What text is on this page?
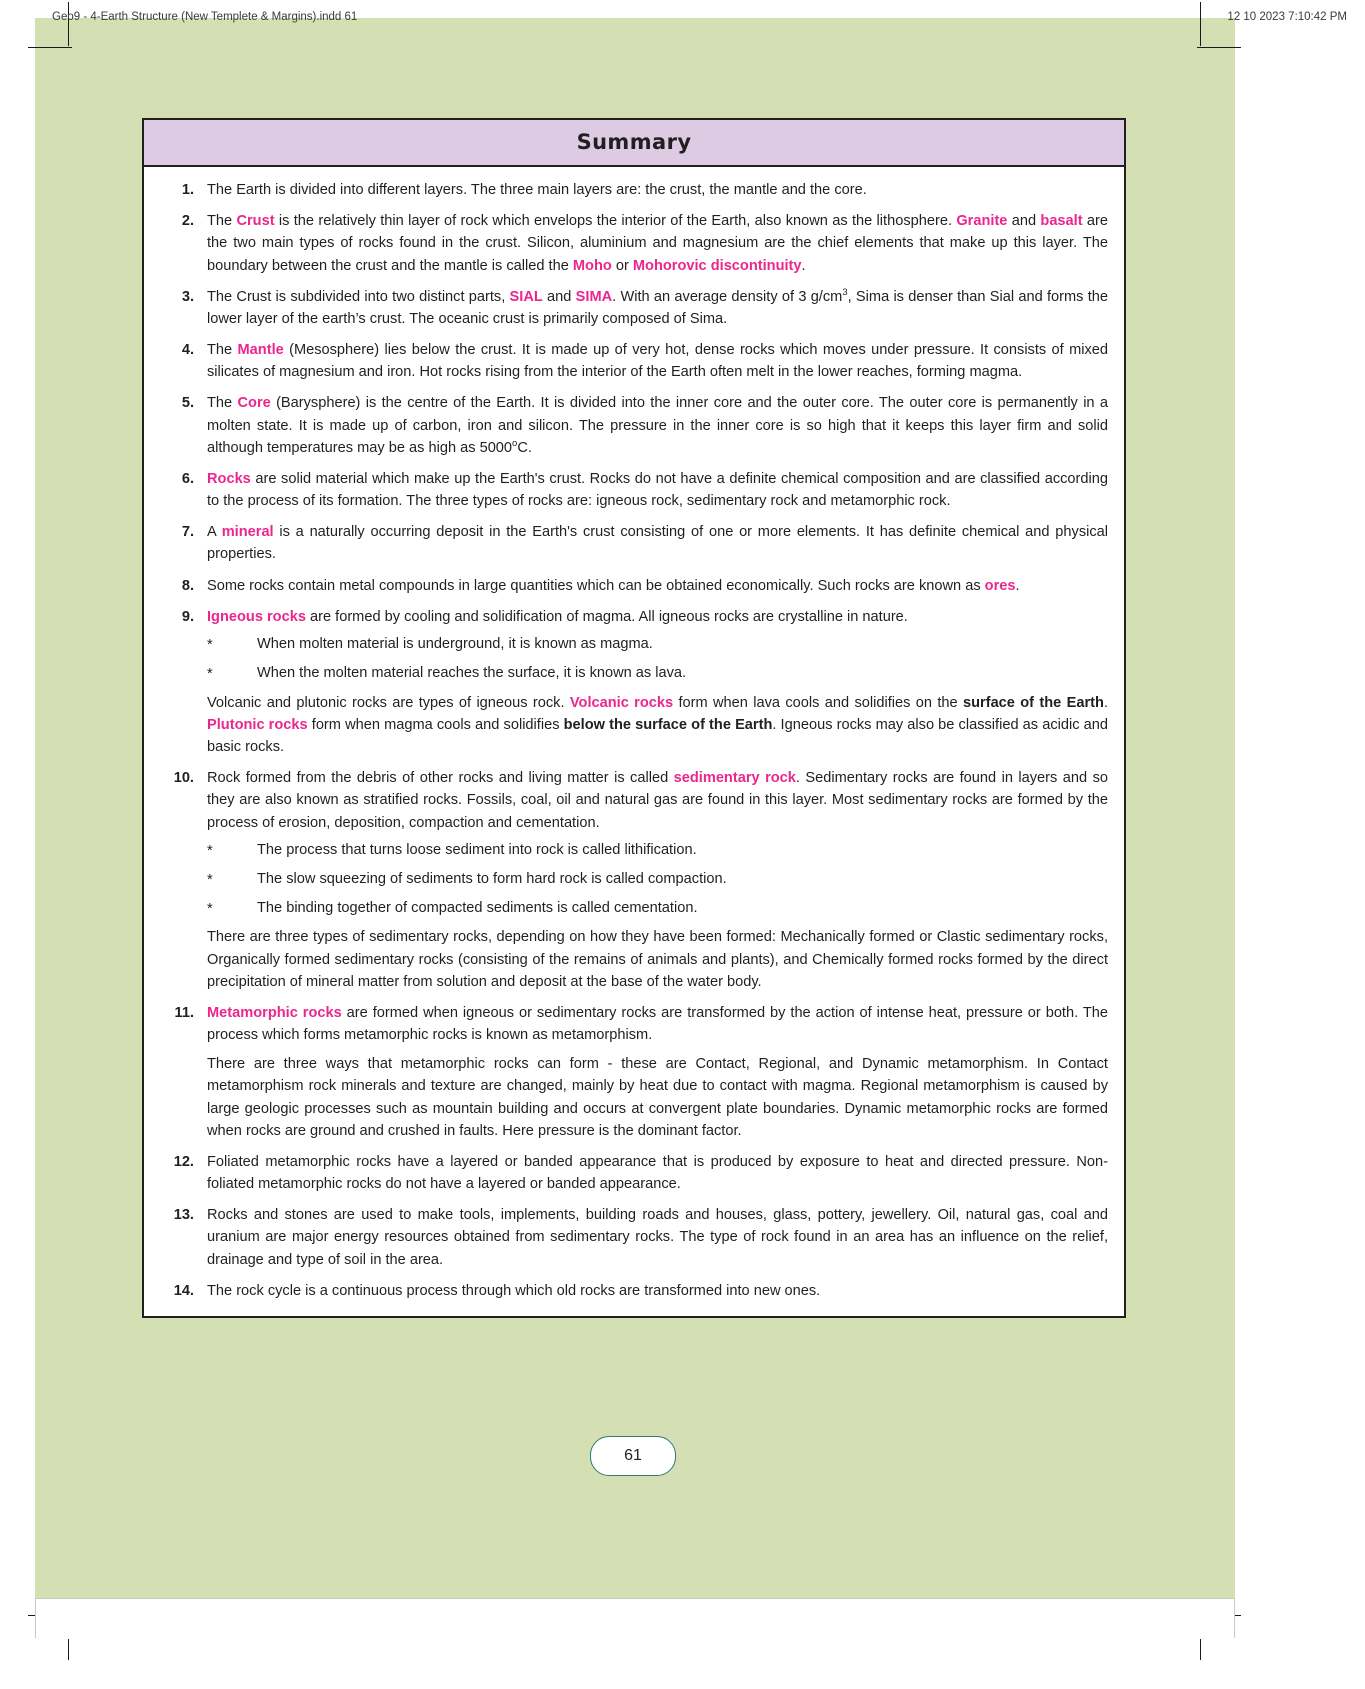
Summary
1. The Earth is divided into different layers. The three main layers are: the crust, the mantle and the core.
2. The Crust is the relatively thin layer of rock which envelops the interior of the Earth, also known as the lithosphere. Granite and basalt are the two main types of rocks found in the crust. Silicon, aluminium and magnesium are the chief elements that make up this layer. The boundary between the crust and the mantle is called the Moho or Mohorovic discontinuity.
3. The Crust is subdivided into two distinct parts, SIAL and SIMA. With an average density of 3 $g/cm^3$, Sima is denser than Sial and forms the lower layer of the earth’s crust. The oceanic crust is primarily composed of Sima.
4. The Mantle (Mesosphere) lies below the crust. It is made up of very hot, dense rocks which moves under pressure. It consists of mixed silicates of magnesium and iron. Hot rocks rising from the interior of the Earth often melt in the lower reaches, forming magma.
5. The Core (Barysphere) is the centre of the Earth. It is divided into the inner core and the outer core. The outer core is permanently in a molten state. It is made up of carbon, iron and silicon. The pressure in the inner core is so high that it keeps this layer firm and solid although temperatures may be as high as 5000$^o$C.
6. Rocks are solid material which make up the Earth's crust. Rocks do not have a definite chemical composition and are classified according to the process of its formation. The three types of rocks are: igneous rock, sedimentary rock and metamorphic rock.
7. A mineral is a naturally occurring deposit in the Earth's crust consisting of one or more elements. It has definite chemical and physical properties.
8. Some rocks contain metal compounds in large quantities which can be obtained economically. Such rocks are known as ores.
9. Igneous rocks are formed by cooling and solidification of magma. All igneous rocks are crystalline in nature.
*	When molten material is underground, it is known as magma.
*	When the molten material reaches the surface, it is known as lava.
Volcanic and plutonic rocks are types of igneous rock. Volcanic rocks form when lava cools and solidifies on the surface of the Earth. Plutonic rocks form when magma cools and solidifies below the surface of the Earth. Igneous rocks may also be classified as acidic and basic rocks.
10. Rock formed from the debris of other rocks and living matter is called sedimentary rock. Sedimentary rocks are found in layers and so they are also known as stratified rocks. Fossils, coal, oil and natural gas are found in this layer. Most sedimentary rocks are formed by the process of erosion, deposition, compaction and cementation.
*	The process that turns loose sediment into rock is called lithification.
*	The slow squeezing of sediments to form hard rock is called compaction.
*	The binding together of compacted sediments is called cementation.
There are three types of sedimentary rocks, depending on how they have been formed: Mechanically formed or Clastic sedimentary rocks, Organically formed sedimentary rocks (consisting of the remains of animals and plants), and Chemically formed rocks formed by the direct precipitation of mineral matter from solution and deposit at the base of the water body.
11. Metamorphic rocks are formed when igneous or sedimentary rocks are transformed by the action of intense heat, pressure or both. The process which forms metamorphic rocks is known as metamorphism.
There are three ways that metamorphic rocks can form - these are Contact, Regional, and Dynamic metamorphism. In Contact metamorphism rock minerals and texture are changed, mainly by heat due to contact with magma. Regional metamorphism is caused by large geologic processes such as mountain building and occurs at convergent plate boundaries. Dynamic metamorphic rocks are formed when rocks are ground and crushed in faults. Here pressure is the dominant factor.
12. Foliated metamorphic rocks have a layered or banded appearance that is produced by exposure to heat and directed pressure. Non-foliated metamorphic rocks do not have a layered or banded appearance.
13. Rocks and stones are used to make tools, implements, building roads and houses, glass, pottery, jewellery. Oil, natural gas, coal and uranium are major energy resources obtained from sedimentary rocks. The type of rock found in an area has an influence on the relief, drainage and type of soil in the area.
14. The rock cycle is a continuous process through which old rocks are transformed into new ones.
61
Geo9 - 4-Earth Structure (New Templete & Margins).indd 61	12 10 2023 7:10:42 PM
